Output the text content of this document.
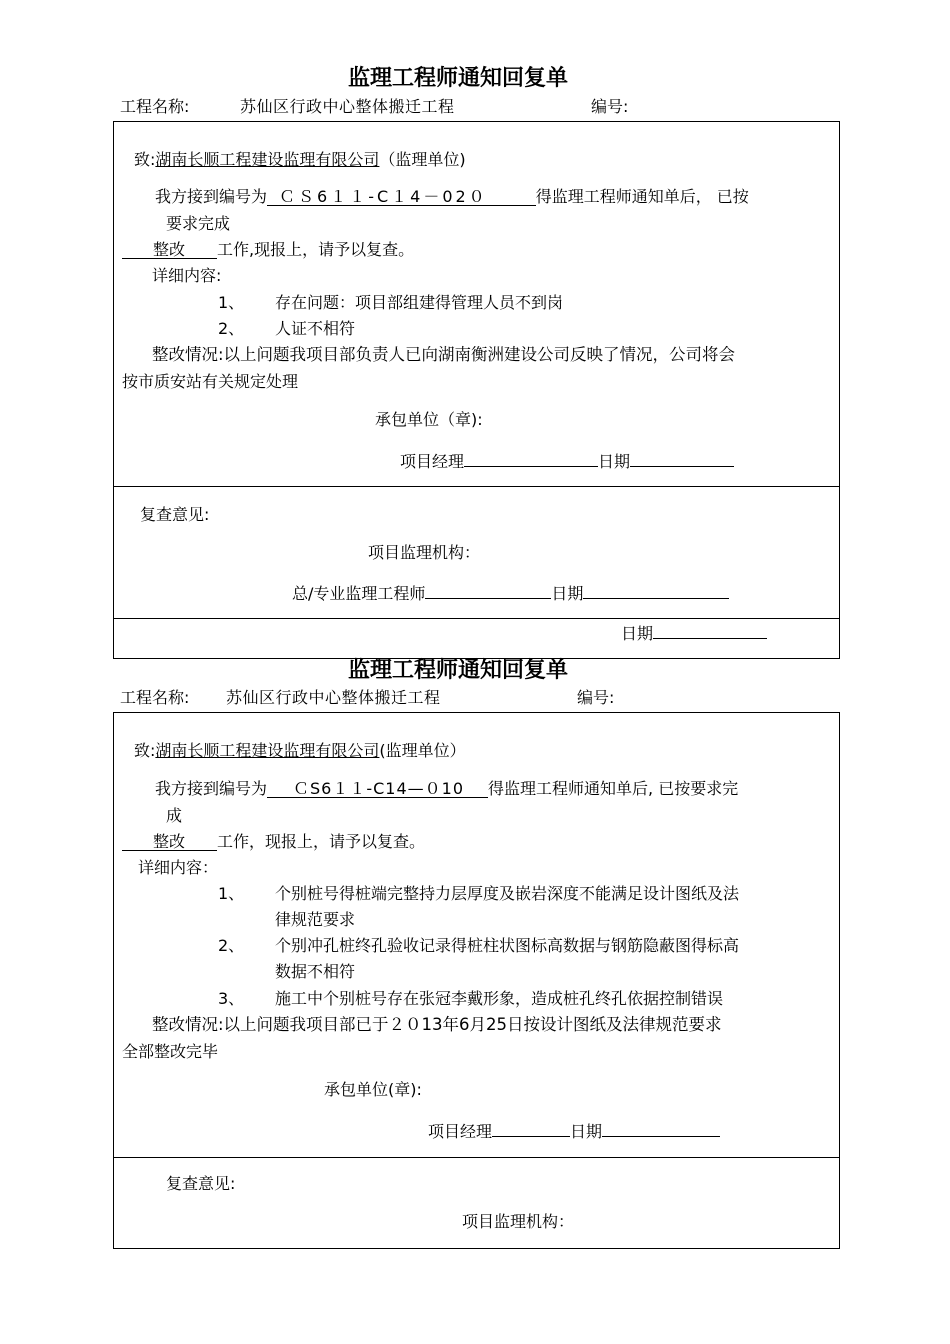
监理工程师通知回复单
工程名称:	苏仙区行政中心整体搬迁工程	编号:
致:湖南长顺工程建设监理有限公司（监理单位)
我方接到编号为 ＣＳ6１１-C１4－02０	得监理工程师通知单后， 已按
要求完成
整改 工作,现报上，请予以复查。
详细内容:
1、 存在问题：项目部组建得管理人员不到岗
2、 人证不相符
整改情况:以上问题我项目部负责人已向湖南衡洲建设公司反映了情况，公司将会
按市质安站有关规定处理
承包单位（章):
项目经理	日期
复查意见:
项目监理机构：
总/专业监理工程师	日期
日期
监理工程师通知回复单
工程名称: 苏仙区行政中心整体搬迁工程	编号:
致:湖南长顺工程建设监理有限公司(监理单位）
我方接到编号为 ＣS6１１-C14—０10 得监理工程师通知单后, 已按要求完
成
整改 工作，现报上，请予以复查。
详细内容：
1、 个别桩号得桩端完整持力层厚度及嵌岩深度不能满足设计图纸及法
律规范要求
2、 个别冲孔桩终孔验收记录得桩柱状图标高数据与钢筋隐蔽图得标高
数据不相符
3、 施工中个别桩号存在张冠李戴形象，造成桩孔终孔依据控制错误
整改情况:以上问题我项目部已于２０13年6月25日按设计图纸及法律规范要求
全部整改完毕
承包单位(章):
项目经理	日期
复查意见:
项目监理机构：
